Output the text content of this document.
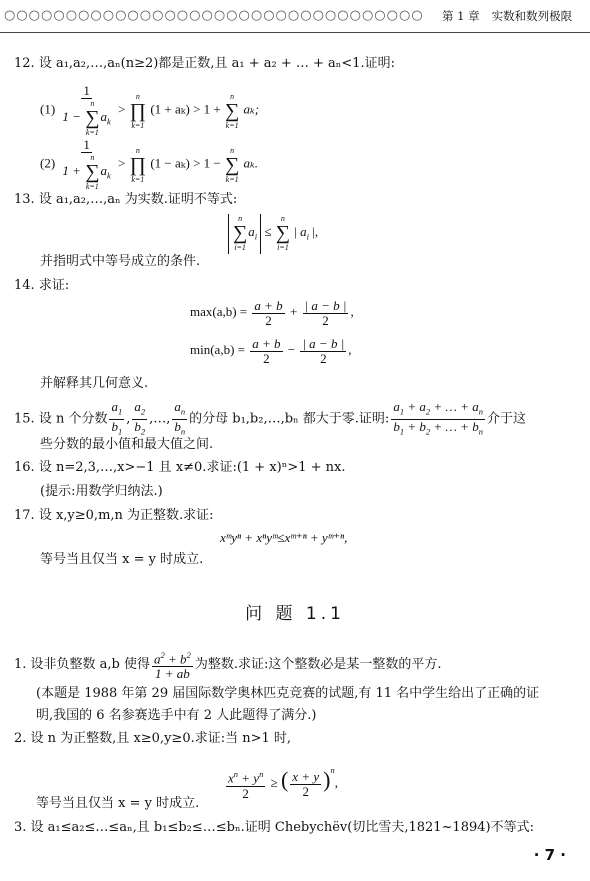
○○○○○○○○○○○○○○○○○○○○○○○○○○○○○○○○○○ 第 1 章 实数和数列极限
12. 设 a₁,a₂,…,aₙ(n≥2)都是正数,且 a₁ + a₂ + … + aₙ<1.证明:
(1) 1
1 −
n
∑
k=1
$a_k$ >
n
∏
k=1
(1 + aₖ) > 1 +
n
∑
k=1
aₖ;
(2) 1
1 +
n
∑
k=1
$a_k$ >
n
∏
k=1
(1 − aₖ) > 1 −
n
∑
k=1
aₖ.
13. 设 a₁,a₂,…,aₙ 为实数.证明不等式:
n
∑
i=1
$a_i$ ≤
n
∑
i=1
| $a_i$ |,
并指明式中等号成立的条件.
14. 求证:
$\max(a,b) = \frac{a + b}{2} + \frac{| a - b |}{2}$ ,
$\min(a,b) = \frac{a + b}{2} - \frac{| a - b |}{2}$ ,
并解释其几何意义.
15. 设 n 个分数 $\frac{a_1}{b_1}$ , $\frac{a_2}{b_2}$ ,…, $\frac{a_n}{b_n}$ 的分母 b₁,b₂,…,bₙ 都大于零.证明: $\frac{a_1 + a_2 + \dots + a_n}{b_1 + b_2 + \dots + b_n}$ 介于这
些分数的最小值和最大值之间.
16. 设 n=2,3,…,x>−1 且 x≠0.求证:(1 + x)ⁿ>1 + nx.
(提示:用数学归纳法.)
17. 设 x,y≥0,m,n 为正整数.求证:
xᵐyⁿ + xⁿyᵐ≤xᵐ⁺ⁿ + yᵐ⁺ⁿ,
等号当且仅当 x = y 时成立.
问 题 1.1
1. 设非负整数 a,b 使得 $\frac{a^2 + b^2}{1 + ab}$ 为整数.求证:这个整数必是某一整数的平方.
(本题是 1988 年第 29 届国际数学奥林匹克竞赛的试题,有 11 名中学生给出了正确的证
明,我国的 6 名参赛选手中有 2 人此题得了满分.)
2. 设 n 为正整数,且 x≥0,y≥0.求证:当 n>1 时,
$\frac{x^n + y^n}{2}$ ≥ ( $\frac{x + y}{2} )^n$,
等号当且仅当 x = y 时成立.
3. 设 a₁≤a₂≤…≤aₙ,且 b₁≤b₂≤…≤bₙ.证明 Chebychëv(切比雪夫,1821~1894)不等式:
· 7 ·
